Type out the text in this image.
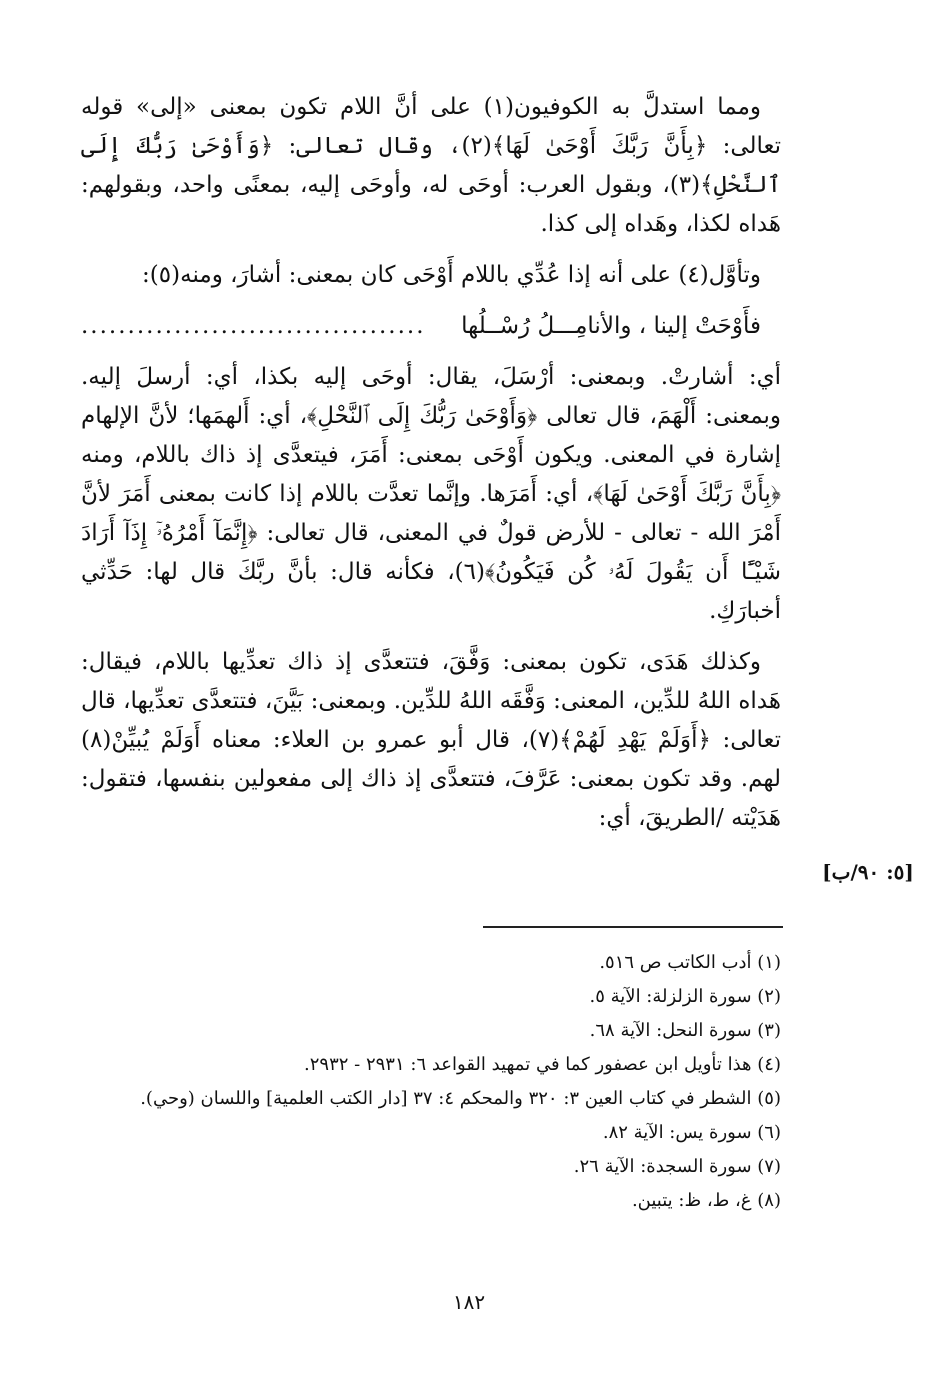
ومما استدلَّ به الكوفيون(١) على أنَّ اللام تكون بمعنى «إلى» قوله تعالى: ﴿بِأَنَّ رَبَّكَ أَوْحَىٰ لَهَا﴾(٢)، وقال تعالى: ﴿وَأَوْحَىٰ رَبُّكَ إِلَى ٱلنَّحْلِ﴾(٣)، وبقول العرب: أوحَى له، وأوحَى إليه، بمعنًى واحد، وبقولهم: هَداه لكذا، وهَداه إلى كذا.

وتأوَّل(٤) على أنه إذا عُدِّي باللام أَوْحَى كان بمعنى: أشارَ، ومنه(٥):

فأَوْحَتْ إلينا ، والأنامِـــلُ رُسْــلُها
.....................................

أي: أشارتْ. وبمعنى: أرْسَلَ، يقال: أوحَى إليه بكذا، أي: أرسلَ إليه. وبمعنى: أَلْهَمَ، قال تعالى ﴿وَأَوْحَىٰ رَبُّكَ إِلَى ٱلنَّحْلِ﴾، أي: أَلهمَها؛ لأنَّ الإلهام إشارة في المعنى. ويكون أَوْحَى بمعنى: أَمَرَ، فيتعدَّى إذ ذاك باللام، ومنه ﴿بِأَنَّ رَبَّكَ أَوْحَىٰ لَهَا﴾، أي: أَمَرَها. وإنَّما تعدَّت باللام إذا كانت بمعنى أَمَرَ لأنَّ أَمْرَ الله - تعالى - للأرض قولٌ في المعنى، قال تعالى: ﴿إِنَّمَآ أَمْرُهُۥٓ إِذَآ أَرَادَ شَيْـًٔا أَن يَقُولَ لَهُۥ كُن فَيَكُونُ﴾(٦)، فكأنه قال: بأنَّ ربَّكَ قال لها: حَدِّثي أخبارَكِ.

وكذلك هَدَى، تكون بمعنى: وَفَّقَ، فتتعدَّى إذ ذاك تعدِّيها باللام، فيقال: هَداه اللهُ للدِّين، المعنى: وَفَّقَه اللهُ للدِّين. وبمعنى: بَيَّنَ، فتتعدَّى تعدِّيها، قال تعالى: ﴿أَوَلَمْ يَهْدِ لَهُمْ﴾(٧)، قال أبو عمرو بن العلاء: معناه أَوَلَمْ يُبيِّنْ(٨) لهم. وقد تكون بمعنى: عَرَّفَ، فتتعدَّى إذ ذاك إلى مفعولين بنفسها، فتقول: هَدَيْته /الطريقَ، أي:

[٥: ٩٠/ب]

(١) أدب الكاتب ص ٥١٦.

(٢) سورة الزلزلة: الآية ٥.

(٣) سورة النحل: الآية ٦٨.

(٤) هذا تأويل ابن عصفور كما في تمهيد القواعد ٦: ٢٩٣١ - ٢٩٣٢.

(٥) الشطر في كتاب العين ٣: ٣٢٠ والمحكم ٤: ٣٧ [دار الكتب العلمية] واللسان (وحي).

(٦) سورة يس: الآية ٨٢.

(٧) سورة السجدة: الآية ٢٦.

(٨) غ، ط، ظ: يتبين.

١٨٢
